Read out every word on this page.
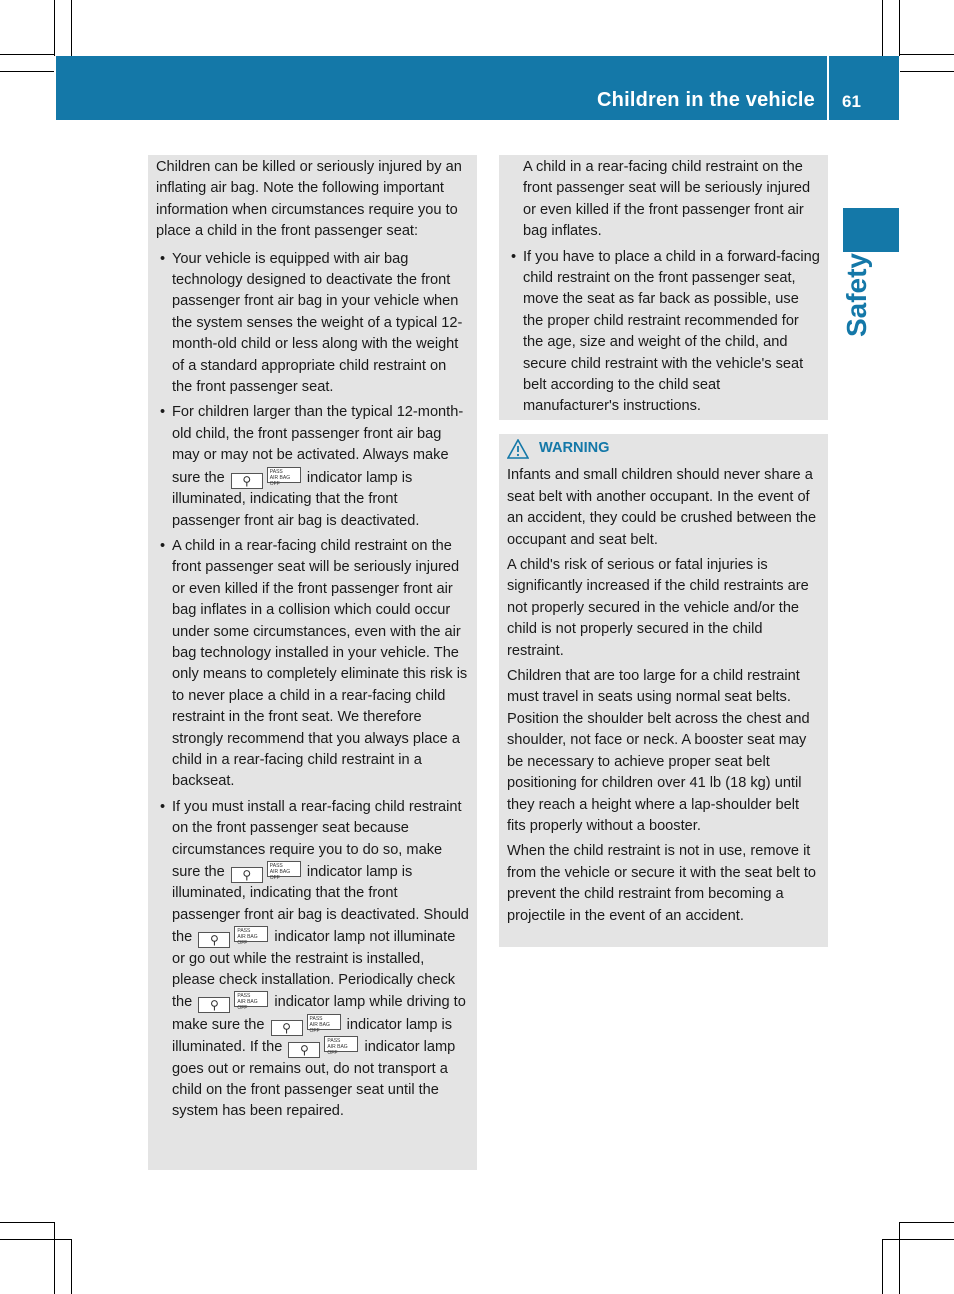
Children in the vehicle 61
Safety

Children can be killed or seriously injured by an inflating air bag. Note the following important information when circumstances require you to place a child in the front passenger seat:

• Your vehicle is equipped with air bag technology designed to deactivate the front passenger front air bag in your vehicle when the system senses the weight of a typical 12-month-old child or less along with the weight of a standard appropriate child restraint on the front passenger seat.
• For children larger than the typical 12-month-old child, the front passenger front air bag may or may not be activated. Always make sure the ⚲PASS
AIR BAG OFF indicator lamp is illuminated, indicating that the front passenger front air bag is deactivated.
• A child in a rear-facing child restraint on the front passenger seat will be seriously injured or even killed if the front passenger front air bag inflates in a collision which could occur under some circumstances, even with the air bag technology installed in your vehicle. The only means to completely eliminate this risk is to never place a child in a rear-facing child restraint in the front seat. We therefore strongly recommend that you always place a child in a rear-facing child restraint in a backseat.
• If you must install a rear-facing child restraint on the front passenger seat because circumstances require you to do so, make sure the ⚲PASS
AIR BAG OFF indicator lamp is illuminated, indicating that the front passenger front air bag is deactivated. Should the ⚲PASS
AIR BAG OFF indicator lamp not illuminate or go out while the restraint is installed, please check installation. Periodically check the ⚲PASS
AIR BAG OFF indicator lamp while driving to make sure the ⚲PASS
AIR BAG OFF indicator lamp is illuminated. If the ⚲PASS
AIR BAG OFF indicator lamp goes out or remains out, do not transport a child on the front passenger seat until the system has been repaired.

A child in a rear-facing child restraint on the front passenger seat will be seriously injured or even killed if the front passenger front air bag inflates.

• If you have to place a child in a forward-facing child restraint on the front passenger seat, move the seat as far back as possible, use the proper child restraint recommended for the age, size and weight of the child, and secure child restraint with the vehicle's seat belt according to the child seat manufacturer's instructions.
WARNING

Infants and small children should never share a seat belt with another occupant. In the event of an accident, they could be crushed between the occupant and seat belt.

A child's risk of serious or fatal injuries is significantly increased if the child restraints are not properly secured in the vehicle and/or the child is not properly secured in the child restraint.

Children that are too large for a child restraint must travel in seats using normal seat belts. Position the shoulder belt across the chest and shoulder, not face or neck. A booster seat may be necessary to achieve proper seat belt positioning for children over 41 lb (18 kg) until they reach a height where a lap-shoulder belt fits properly without a booster.

When the child restraint is not in use, remove it from the vehicle or secure it with the seat belt to prevent the child restraint from becoming a projectile in the event of an accident.
